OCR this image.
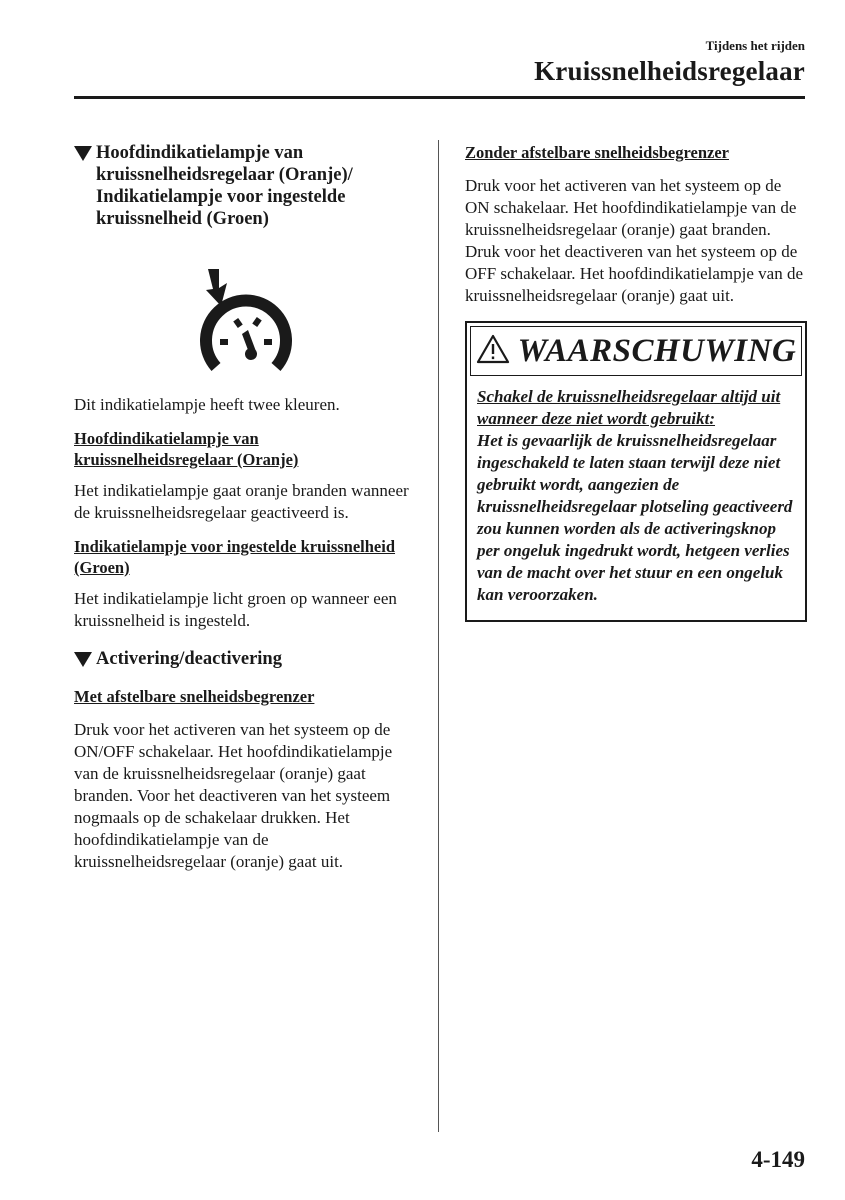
Tijdens het rijden
Kruissnelheidsregelaar
Hoofdindikatielampje van kruissnelheidsregelaar (Oranje)/ Indikatielampje voor ingestelde kruissnelheid (Groen)
Dit indikatielampje heeft twee kleuren.
Hoofdindikatielampje van kruissnelheidsregelaar (Oranje)
Het indikatielampje gaat oranje branden wanneer de kruissnelheidsregelaar geactiveerd is.
Indikatielampje voor ingestelde kruissnelheid (Groen)
Het indikatielampje licht groen op wanneer een kruissnelheid is ingesteld.
Activering/deactivering
Met afstelbare snelheidsbegrenzer
Druk voor het activeren van het systeem op de ON/OFF schakelaar. Het hoofdindikatielampje van de kruissnelheidsregelaar (oranje) gaat branden. Voor het deactiveren van het systeem nogmaals op de schakelaar drukken. Het hoofdindikatielampje van de kruissnelheidsregelaar (oranje) gaat uit.
Zonder afstelbare snelheidsbegrenzer
Druk voor het activeren van het systeem op de ON schakelaar. Het hoofdindikatielampje van de kruissnelheidsregelaar (oranje) gaat branden. Druk voor het deactiveren van het systeem op de OFF schakelaar. Het hoofdindikatielampje van de kruissnelheidsregelaar (oranje) gaat uit.
WAARSCHUWING
Schakel de kruissnelheidsregelaar altijd uit wanneer deze niet wordt gebruikt:
Het is gevaarlijk de kruissnelheidsregelaar ingeschakeld te laten staan terwijl deze niet gebruikt wordt, aangezien de kruissnelheidsregelaar plotseling geactiveerd zou kunnen worden als de activeringsknop per ongeluk ingedrukt wordt, hetgeen verlies van de macht over het stuur en een ongeluk kan veroorzaken.
4-149
